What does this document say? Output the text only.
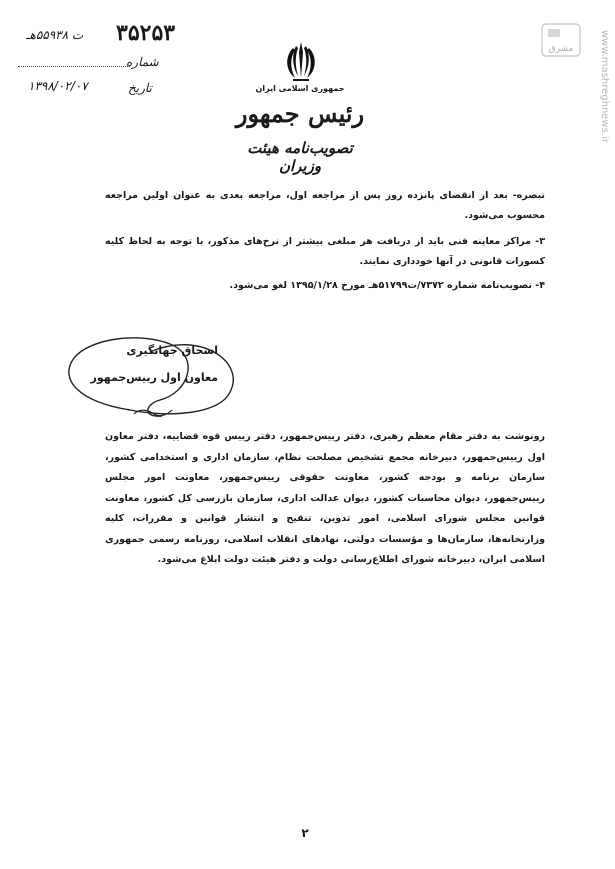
مشرق	www.mashreghnews.ir
۳۵۲۵۳
ت ۵۵۹۳۸هـ
شماره
تاریخ
۱۳۹۸/۰۲/۰۷	جمهوری اسلامی ایران
رئیس جمهور
تصویب‌نامه هیئت وزیران
تبصره- بعد از انقضای پانزده روز پس از مراجعه اول، مراجعه بعدی به عنوان اولین مراجعه محسوب می‌شود.
۳- مراکز معاینه فنی باید از دریافت هر مبلغی بیشتر از نرخ‌های مذکور، با توجه به لحاظ کلیه کسورات قانونی در آنها خودداری نمایند.
۴- تصویب‌نامه شماره ۷۳۷۲/ت۵۱۷۹۹هـ مورخ ۱۳۹۵/۱/۲۸ لغو می‌شود.
اسحاق جهانگیری
معاون اول رییس‌جمهور
رونوشت به دفتر مقام معظم رهبری، دفتر رییس‌جمهور، دفتر رییس قوه قضاییه، دفتر معاون اول رییس‌جمهور، دبیرخانه مجمع تشخیص مصلحت نظام، سازمان اداری و استخدامی کشور، سازمان برنامه و بودجه کشور، معاونت حقوقی رییس‌جمهور، معاونت امور مجلس رییس‌جمهور، دیوان محاسبات کشور، دیوان عدالت اداری، سازمان بازرسی کل کشور، معاونت قوانین مجلس شورای اسلامی، امور تدوین، تنقیح و انتشار قوانین و مقررات، کلیه وزارتخانه‌ها، سازمان‌ها و مؤسسات دولتی، نهادهای انقلاب اسلامی، روزنامه رسمی جمهوری اسلامی ایران، دبیرخانه شورای اطلاع‌رسانی دولت و دفتر هیئت دولت ابلاغ می‌شود.
۲
